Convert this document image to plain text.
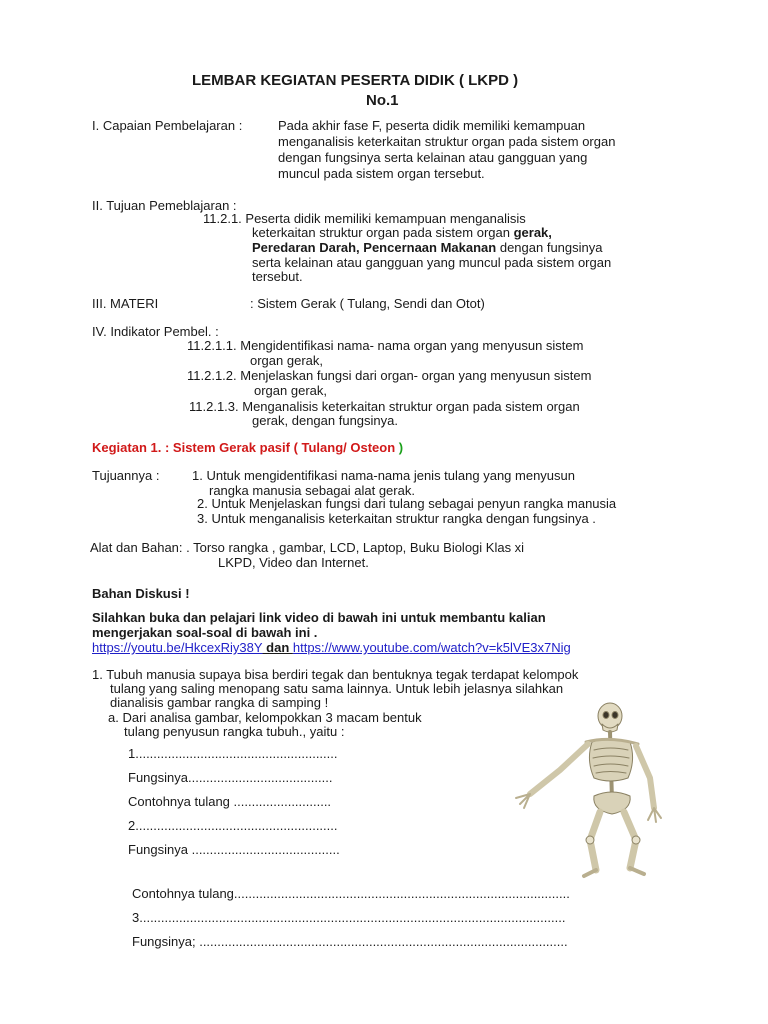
LEMBAR KEGIATAN PESERTA DIDIK ( LKPD )
No.1
I. Capaian Pembelajaran :	Pada akhir fase F, peserta didik memiliki kemampuan
menganalisis keterkaitan struktur organ pada sistem organ
dengan fungsinya serta kelainan atau gangguan yang
muncul pada sistem organ tersebut.
II. Tujuan Pemeblajaran :
11.2.1. Peserta didik memiliki kemampuan menganalisis
keterkaitan struktur organ pada sistem organ gerak,
Peredaran Darah, Pencernaan Makanan dengan fungsinya
serta kelainan atau gangguan yang muncul pada sistem organ
tersebut.
III. MATERI	: Sistem Gerak ( Tulang, Sendi dan Otot)
IV. Indikator Pembel. :
11.2.1.1. Mengidentifikasi nama- nama organ yang menyusun sistem
organ gerak,
11.2.1.2. Menjelaskan fungsi dari organ- organ yang menyusun sistem
organ gerak,
11.2.1.3. Menganalisis keterkaitan struktur organ pada sistem organ
gerak, dengan fungsinya.
Kegiatan 1. : Sistem Gerak pasif ( Tulang/ Osteon )
Tujuannya :	1. Untuk mengidentifikasi nama-nama jenis tulang yang menyusun
rangka manusia sebagai alat gerak.
2. Untuk Menjelaskan fungsi dari tulang sebagai penyun rangka manusia
3. Untuk menganalisis keterkaitan struktur rangka dengan fungsinya .
Alat dan Bahan: . Torso rangka , gambar, LCD, Laptop, Buku Biologi Klas xi
LKPD, Video dan Internet.
Bahan Diskusi !
Silahkan buka dan pelajari link video di bawah ini untuk membantu kalian
mengerjakan soal-soal di bawah ini .
https://youtu.be/HkcexRiy38Y dan https://www.youtube.com/watch?v=k5lVE3x7Nig
1. Tubuh manusia supaya bisa berdiri tegak dan bentuknya tegak terdapat kelompok
tulang yang saling menopang satu sama lainnya. Untuk lebih jelasnya silahkan
dianalisis gambar rangka di samping !
a. Dari analisa gambar, kelompokkan 3 macam bentuk
tulang penyusun rangka tubuh., yaitu :
1........................................................
Fungsinya........................................
Contohnya tulang ...........................
2........................................................
Fungsinya .........................................
Contohnya tulang.............................................................................................
3......................................................................................................................
Fungsinya; ......................................................................................................
